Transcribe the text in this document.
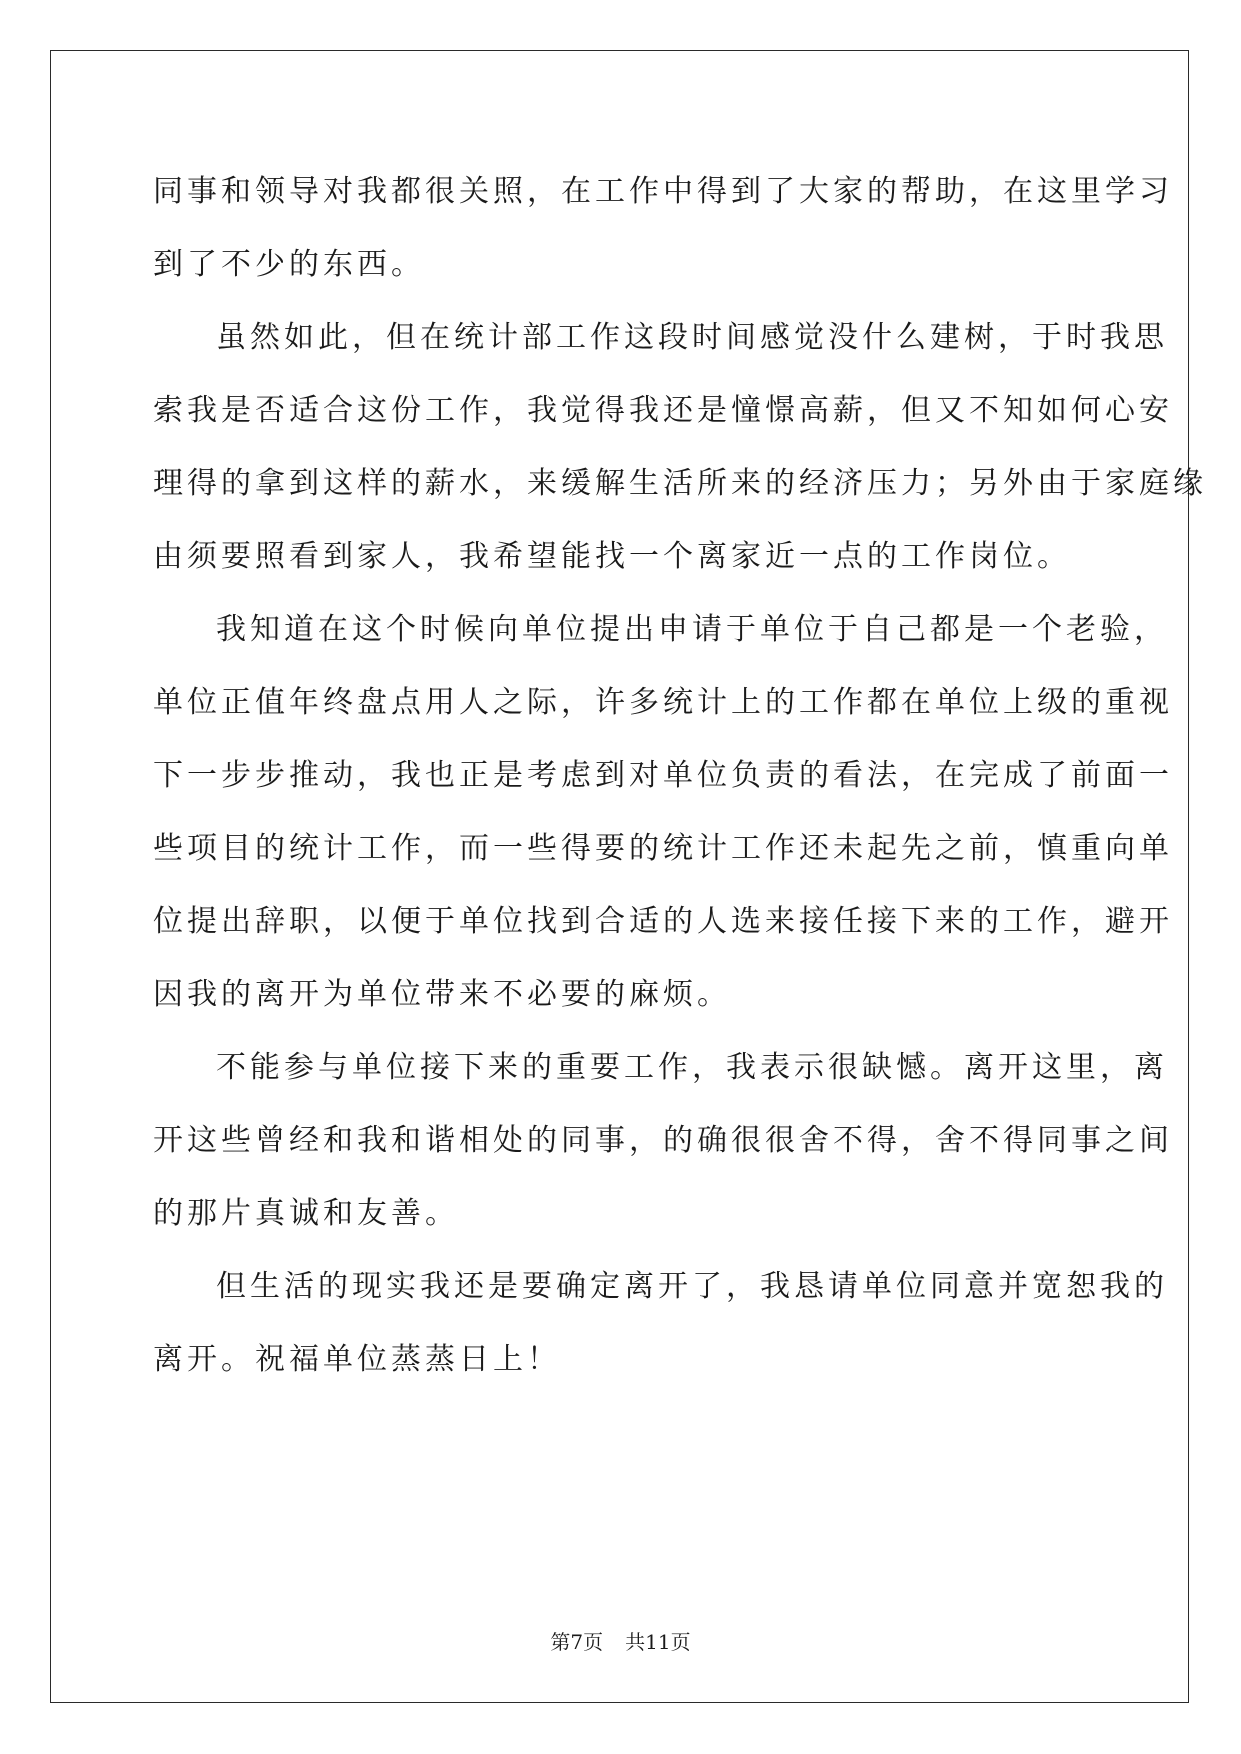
同事和领导对我都很关照，在工作中得到了大家的帮助，在这里学习
到了不少的东西。
虽然如此，但在统计部工作这段时间感觉没什么建树，于时我思
索我是否适合这份工作，我觉得我还是憧憬高薪，但又不知如何心安
理得的拿到这样的薪水，来缓解生活所来的经济压力；另外由于家庭缘
由须要照看到家人，我希望能找一个离家近一点的工作岗位。
我知道在这个时候向单位提出申请于单位于自己都是一个老验，
单位正值年终盘点用人之际，许多统计上的工作都在单位上级的重视
下一步步推动，我也正是考虑到对单位负责的看法，在完成了前面一
些项目的统计工作，而一些得要的统计工作还未起先之前，慎重向单
位提出辞职，以便于单位找到合适的人选来接任接下来的工作，避开
因我的离开为单位带来不必要的麻烦。
不能参与单位接下来的重要工作，我表示很缺憾。离开这里，离
开这些曾经和我和谐相处的同事，的确很很舍不得，舍不得同事之间
的那片真诚和友善。
但生活的现实我还是要确定离开了，我恳请单位同意并宽恕我的
离开。祝福单位蒸蒸日上！
第7页 共11页
